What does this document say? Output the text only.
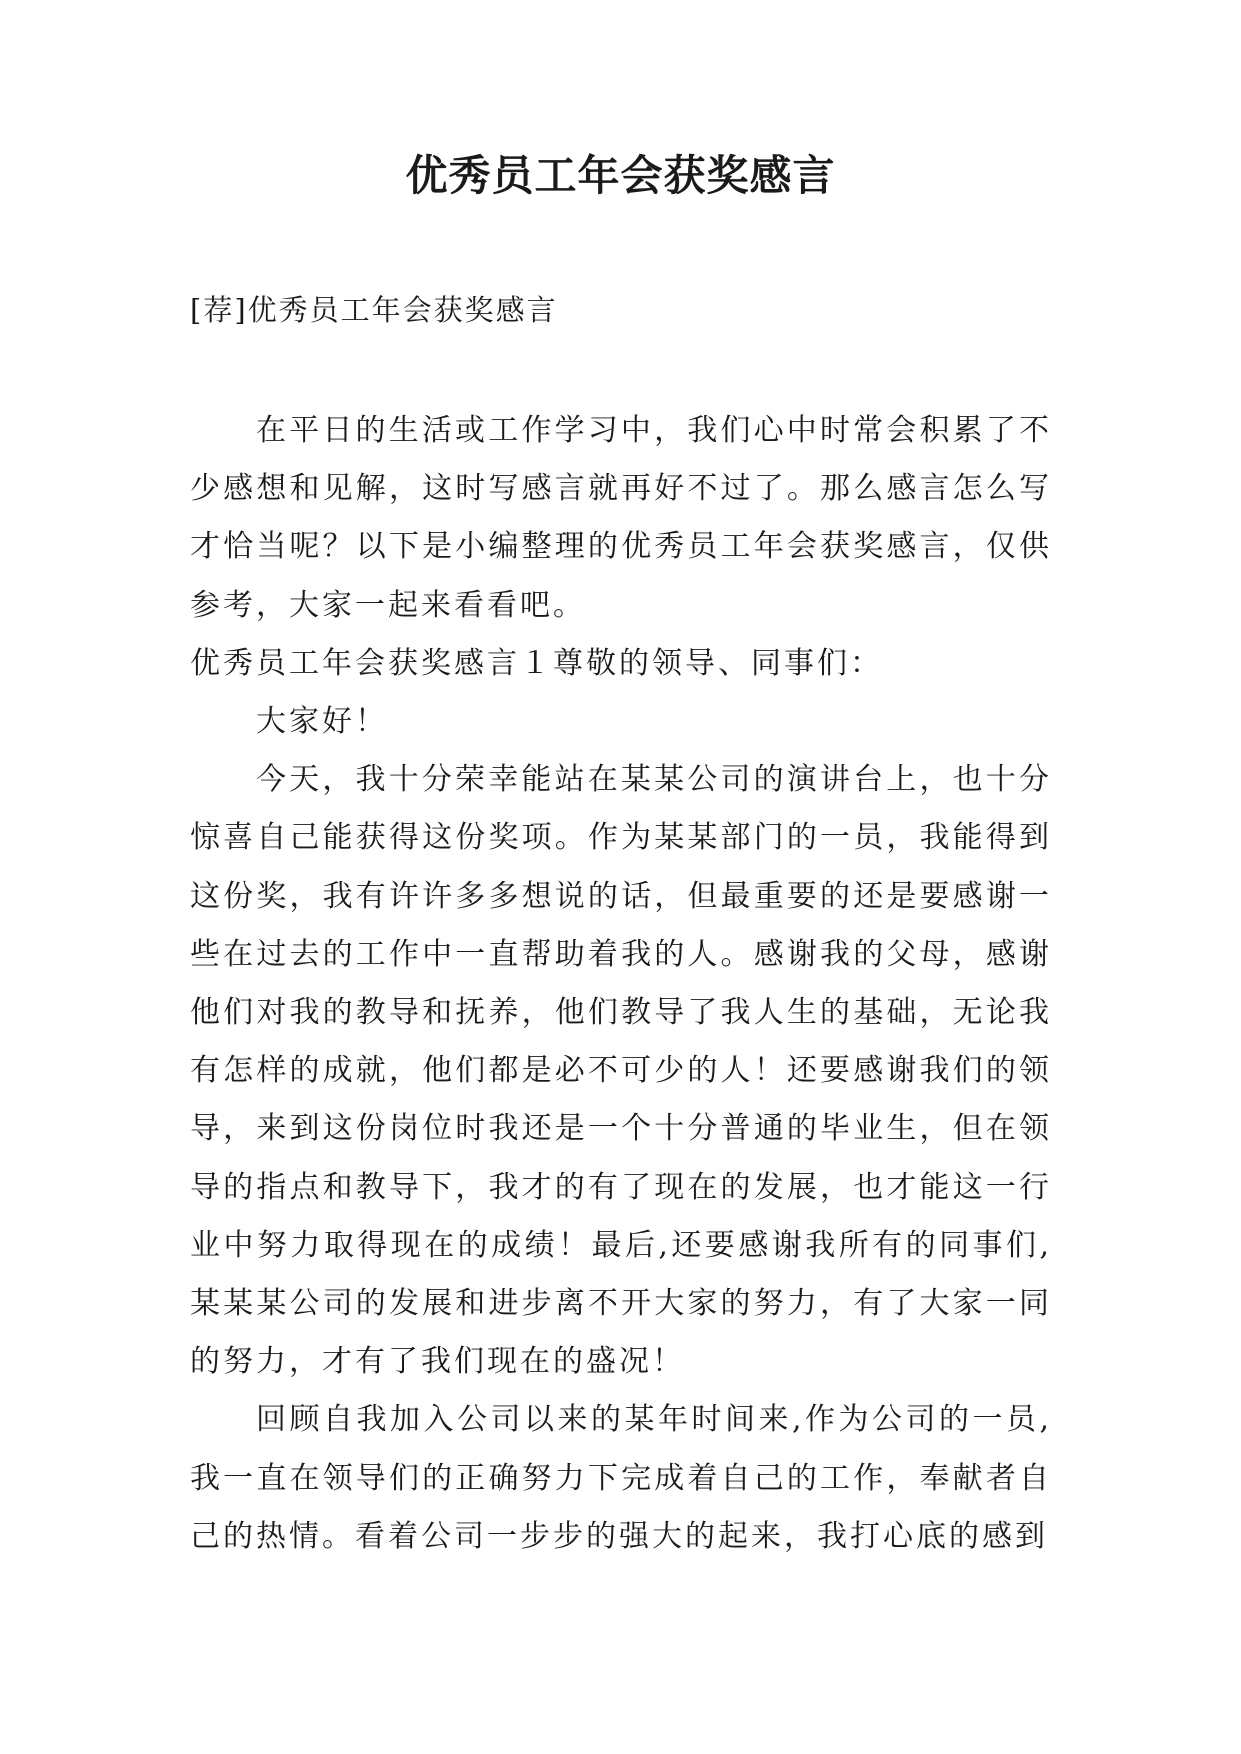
优秀员工年会获奖感言

[荐]优秀员工年会获奖感言

在平日的生活或工作学习中，我们心中时常会积累了不少感想和见解，这时写感言就再好不过了。那么感言怎么写才恰当呢？以下是小编整理的优秀员工年会获奖感言，仅供参考，大家一起来看看吧。

优秀员工年会获奖感言１尊敬的领导、同事们：

大家好！

今天，我十分荣幸能站在某某公司的演讲台上，也十分惊喜自己能获得这份奖项。作为某某部门的一员，我能得到这份奖，我有许许多多想说的话，但最重要的还是要感谢一些在过去的工作中一直帮助着我的人。感谢我的父母，感谢他们对我的教导和抚养，他们教导了我人生的基础，无论我有怎样的成就，他们都是必不可少的人！还要感谢我们的领导，来到这份岗位时我还是一个十分普通的毕业生，但在领导的指点和教导下，我才的有了现在的发展，也才能这一行业中努力取得现在的成绩！最后,还要感谢我所有的同事们,某某某公司的发展和进步离不开大家的努力，有了大家一同的努力，才有了我们现在的盛况！

回顾自我加入公司以来的某年时间来,作为公司的一员,我一直在领导们的正确努力下完成着自己的工作，奉献者自己的热情。看着公司一步步的强大的起来，我打心底的感到
